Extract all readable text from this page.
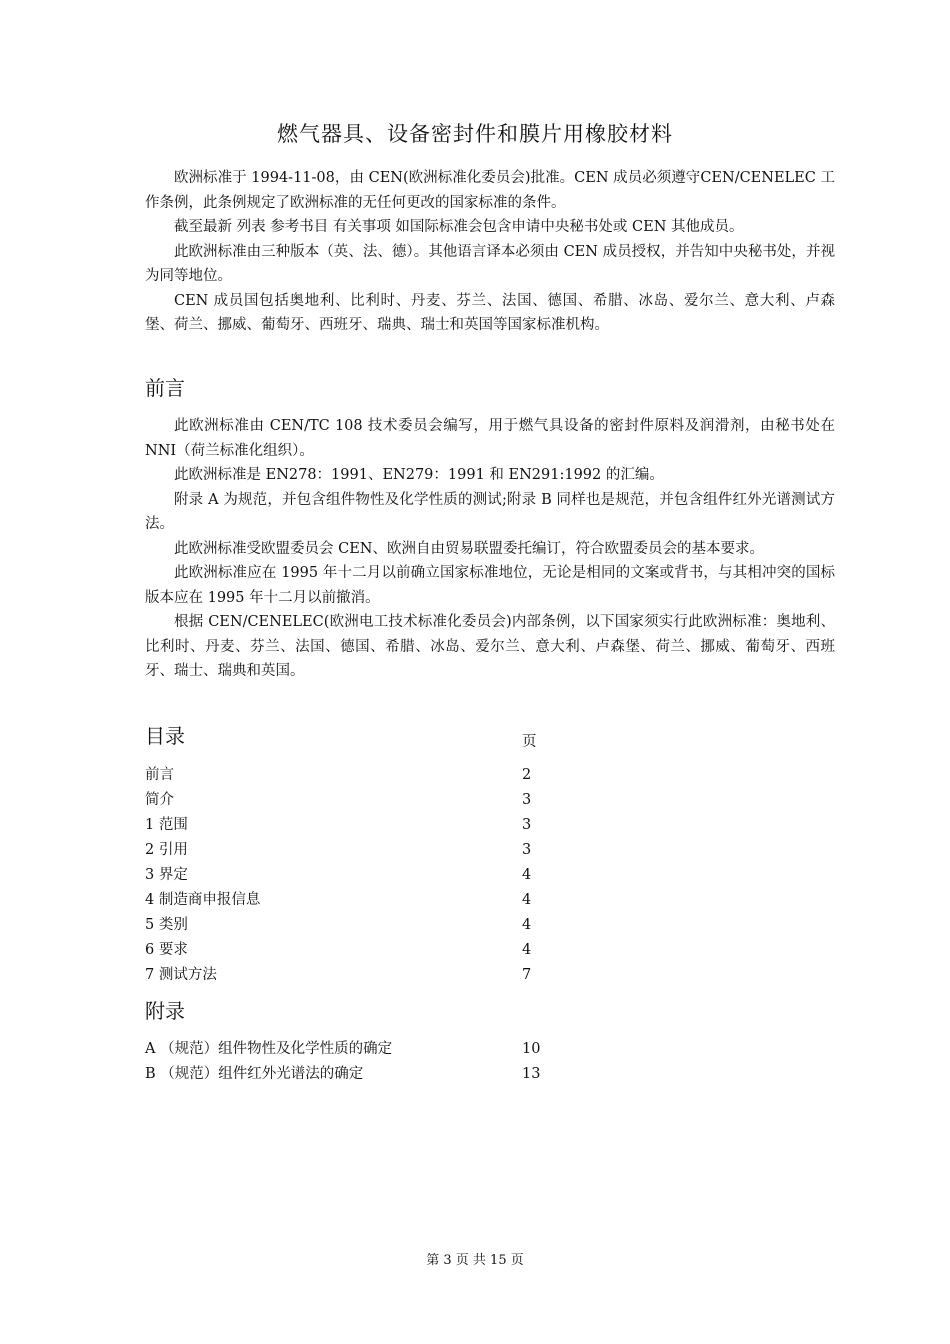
燃气器具、设备密封件和膜片用橡胶材料

欧洲标准于 1994-11-08，由 CEN(欧洲标准化委员会)批准。CEN 成员必须遵守CEN/CENELEC 工作条例，此条例规定了欧洲标准的无任何更改的国家标准的条件。

截至最新 列表 参考书目 有关事项 如国际标准会包含申请中央秘书处或 CEN 其他成员。

此欧洲标准由三种版本（英、法、德）。其他语言译本必须由 CEN 成员授权，并告知中央秘书处，并视为同等地位。

CEN 成员国包括奥地利、比利时、丹麦、芬兰、法国、德国、希腊、冰岛、爱尔兰、意大利、卢森堡、荷兰、挪威、葡萄牙、西班牙、瑞典、瑞士和英国等国家标准机构。

前言

此欧洲标准由 CEN/TC 108 技术委员会编写，用于燃气具设备的密封件原料及润滑剂，由秘书处在 NNI（荷兰标准化组织）。

此欧洲标准是 EN278：1991、EN279：1991 和 EN291:1992 的汇编。

附录 A 为规范，并包含组件物性及化学性质的测试;附录 B 同样也是规范，并包含组件红外光谱测试方法。

此欧洲标准受欧盟委员会 CEN、欧洲自由贸易联盟委托编订，符合欧盟委员会的基本要求。

此欧洲标准应在 1995 年十二月以前确立国家标准地位，无论是相同的文案或背书，与其相冲突的国标版本应在 1995 年十二月以前撤消。

根据 CEN/CENELEC(欧洲电工技术标准化委员会)内部条例，以下国家须实行此欧洲标准：奥地利、比利时、丹麦、芬兰、法国、德国、希腊、冰岛、爱尔兰、意大利、卢森堡、荷兰、挪威、葡萄牙、西班牙、瑞士、瑞典和英国。

目录	页
前言	2
简介	3
1 范围	3
2 引用	3
3 界定	4
4 制造商申报信息	4
5 类别	4
6 要求	4
7 测试方法	7
附录
A （规范）组件物性及化学性质的确定	10
B （规范）组件红外光谱法的确定	13
第 3 页 共 15 页
